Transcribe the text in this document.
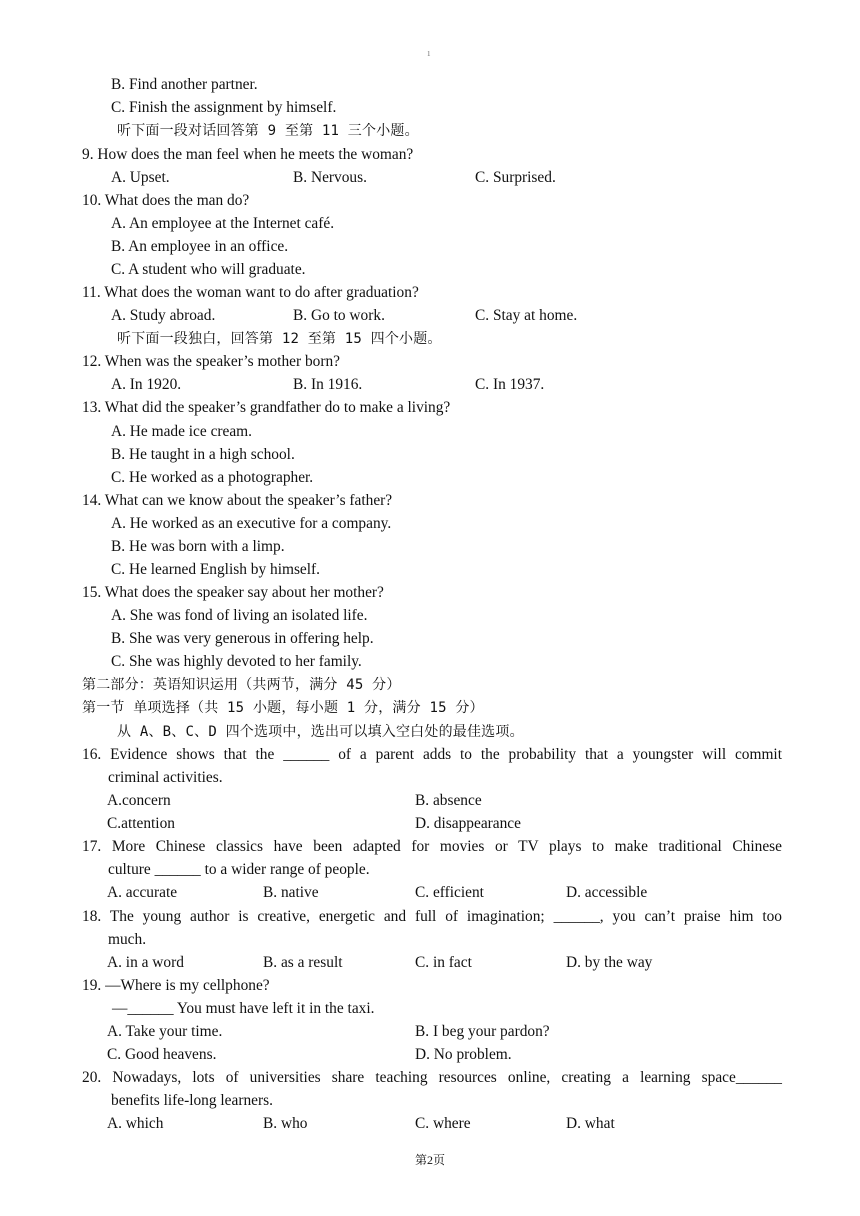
1
B. Find another partner.
C. Finish the assignment by himself.
听下面一段对话回答第 9 至第 11 三个小题。
9. How does the man feel when he meets the woman?
A. Upset.	B. Nervous.	C. Surprised.
10. What does the man do?
A. An employee at the Internet café.
B. An employee in an office.
C. A student who will graduate.
11. What does the woman want to do after graduation?
A. Study abroad.	B. Go to work.	C. Stay at home.
听下面一段独白，回答第 12 至第 15 四个小题。
12. When was the speaker’s mother born?
A. In 1920.	B. In 1916.	C. In 1937.
13. What did the speaker’s grandfather do to make a living?
A. He made ice cream.
B. He taught in a high school.
C. He worked as a photographer.
14. What can we know about the speaker’s father?
A. He worked as an executive for a company.
B. He was born with a limp.
C. He learned English by himself.
15. What does the speaker say about her mother?
A. She was fond of living an isolated life.
B. She was very generous in offering help.
C. She was highly devoted to her family.
第二部分：英语知识运用（共两节，满分 45 分）
第一节 单项选择（共 15 小题，每小题 1 分，满分 15 分）
从 A、B、C、D 四个选项中，选出可以填入空白处的最佳选项。
16. Evidence shows that the ______ of a parent adds to the probability that a youngster will commit
criminal activities.
A.concern	B. absence
C.attention	D. disappearance
17. More Chinese classics have been adapted for movies or TV plays to make traditional Chinese
culture ______ to a wider range of people.
A. accurate	B. native	C. efficient	D. accessible
18. The young author is creative, energetic and full of imagination; ______, you can’t praise him too
much.
A. in a word	B. as a result	C. in fact	D. by the way
19. —Where is my cellphone?
—______ You must have left it in the taxi.
A. Take your time.	B. I beg your pardon?
C. Good heavens.	D. No problem.
20. Nowadays, lots of universities share teaching resources online, creating a learning space______
benefits life-long learners.
A. which	B. who	C. where	D. what
第2页
